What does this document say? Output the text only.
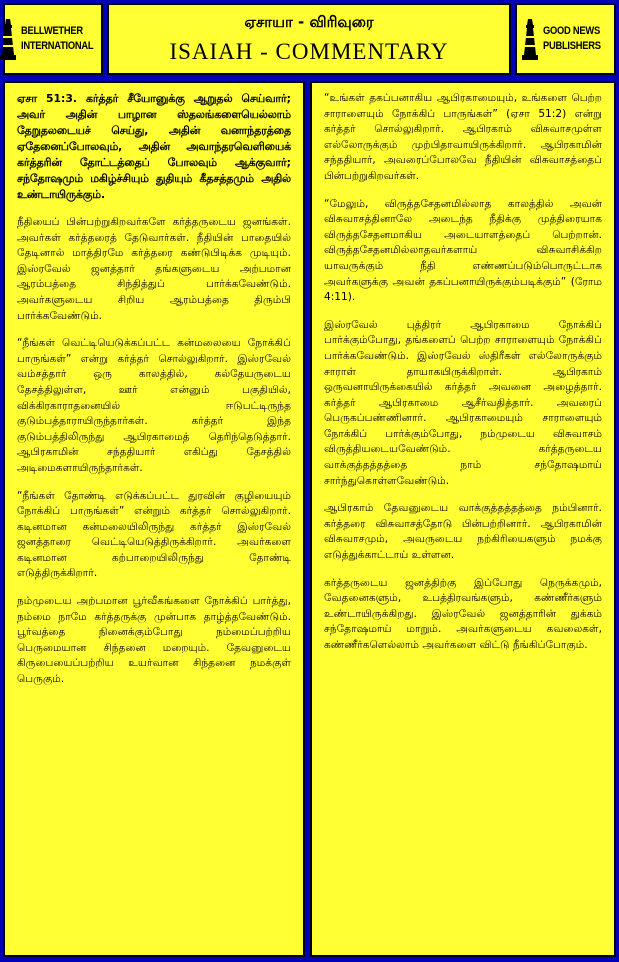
BELLWETHER
INTERNATIONAL
ஏசாயா - விரிவுரை
ISAIAH - COMMENTARY
GOOD NEWS
PUBLISHERS

ஏசா 51:3. கர்த்தர் சீயோனுக்கு ஆறுதல் செய்வார்; அவர் அதின் பாழான ஸ்தலங்களையெல்லாம் தேறுதலடையச் செய்து, அதின் வனாந்தரத்தை ஏதேனைப்போலவும், அதின் அவாந்தரவெளியைக் கர்த்தரின் தோட்டத்தைப் போலவும் ஆக்குவார்; சந்தோஷமும் மகிழ்ச்சியும் துதியும் கீதசத்தமும் அதில் உண்டாயிருக்கும்.

நீதியைப் பின்பற்றுகிறவர்களே கர்த்தருடைய ஜனங்கள். அவர்கள் கர்த்தரைத் தேடுவார்கள். நீதியின் பாதையில் தேடினால் மாத்திரமே கர்த்தரை கண்டுபிடிக்க முடியும். இஸ்ரவேல் ஜனத்தார் தங்களுடைய அற்பமான ஆரம்பத்தை சிந்தித்துப் பார்க்கவேண்டும். அவர்களுடைய சிறிய ஆரம்பத்தை திரும்பி பார்க்கவேண்டும்.

“நீங்கள் வெட்டியெடுக்கப்பட்ட கன்மலையை நோக்கிப் பாருங்கள்” என்று கர்த்தர் சொல்லுகிறார். இஸ்ரவேல் வம்சத்தார் ஒரு காலத்தில், கல்தேயருடைய தேசத்திலுள்ள, ஊர் என்னும் பகுதியில், விக்கிரகாராதனையில் ஈடுபட்டிருந்த குடும்பத்தாராயிருந்தார்கள். கர்த்தர் இந்த குடும்பத்திலிருந்து ஆபிரகாமைத் தெரிந்தெடுத்தார். ஆபிரகாமின் சந்ததியார் எகிப்து தேசத்தில் அடிமைகளாயிருந்தார்கள்.

“நீங்கள் தோண்டி எடுக்கப்பட்ட துரவின் குழியையும் நோக்கிப் பாருங்கள்” என்றும் கர்த்தர் சொல்லுகிறார். கடினமான கன்மலையிலிருந்து கர்த்தர் இஸ்ரவேல் ஜனத்தாரை வெட்டியெடுத்திருக்கிறார். அவர்களை கடினமான கற்பாறையிலிருந்து தோண்டி எடுத்திருக்கிறார்.

நம்முடைய அற்பமான பூர்வீகங்களை நோக்கிப் பார்த்து, நம்மை நாமே கர்த்தருக்கு முன்பாக தாழ்த்தவேண்டும். பூர்வத்தை நினைக்கும்போது நம்மைப்பற்றிய பெருமையான சிந்தனை மறையும். தேவனுடைய கிருபையைப்பற்றிய உயர்வான சிந்தனை நமக்குள் பெருகும்.

“உங்கள் தகப்பனாகிய ஆபிரகாமையும், உங்களை பெற்ற சாராளையும் நோக்கிப் பாருங்கள்” (ஏசா 51:2) என்று கர்த்தர் சொல்லுகிறார். ஆபிரகாம் விசுவாசமுள்ள எல்லோருக்கும் முற்பிதாவாயிருக்கிறார். ஆபிரகாமின் சந்ததியார், அவரைப்போலவே நீதியின் விசுவாசத்தைப் பின்பற்றுகிறவர்கள்.

“மேலும், விருத்தசேதனமில்லாத காலத்தில் அவன் விசுவாசத்தினாலே அடைந்த நீதிக்கு முத்திரையாக விருத்தசேதனமாகிய அடையாளத்தைப் பெற்றான். விருத்தசேதனமில்லாதவர்களாய் விசுவாசிக்கிற யாவருக்கும் நீதி எண்ணப்படும்பொருட்டாக அவர்களுக்கு அவன் தகப்பனாயிருக்கும்படிக்கும்” (ரோம 4:11).

இஸ்ரவேல் புத்திரர் ஆபிரகாமை நோக்கிப் பார்க்கும்போது, தங்களைப் பெற்ற சாராளையும் நோக்கிப் பார்க்கவேண்டும். இஸ்ரவேல் ஸ்திரீகள் எல்லோருக்கும் சாராள் தாயாகயிருக்கிறாள். ஆபிரகாம் ஒருவனாயிருக்கையில் கர்த்தர் அவனை அழைத்தார். கர்த்தர் ஆபிரகாமை ஆசீர்வதித்தார். அவரைப் பெருகப்பண்ணினார். ஆபிரகாமையும் சாராளையும் நோக்கிப் பார்க்கும்போது, நம்முடைய விசுவாசம் விருத்தியடையவேண்டும். கர்த்தருடைய வாக்குத்தத்தத்தை நாம் சந்தோஷமாய் சார்ந்துகொள்ளவேண்டும்.

ஆபிரகாம் தேவனுடைய வாக்குத்தத்தத்தை நம்பினார். கர்த்தரை விசுவாசத்தோடு பின்பற்றினார். ஆபிரகாமின் விசுவாசமும், அவருடைய நற்கிரியைகளும் நமக்கு எடுத்துக்காட்டாய் உள்ளன.

கர்த்தருடைய ஜனத்திற்கு இப்போது நெருக்கமும், வேதனைகளும், உபத்திரவங்களும், கண்ணீர்களும் உண்டாயிருக்கிறது. இஸ்ரவேல் ஜனத்தாரின் துக்கம் சந்தோஷமாய் மாறும். அவர்களுடைய கவலைகள், கண்ணீர்களெல்லாம் அவர்களை விட்டு நீங்கிப்போகும்.
